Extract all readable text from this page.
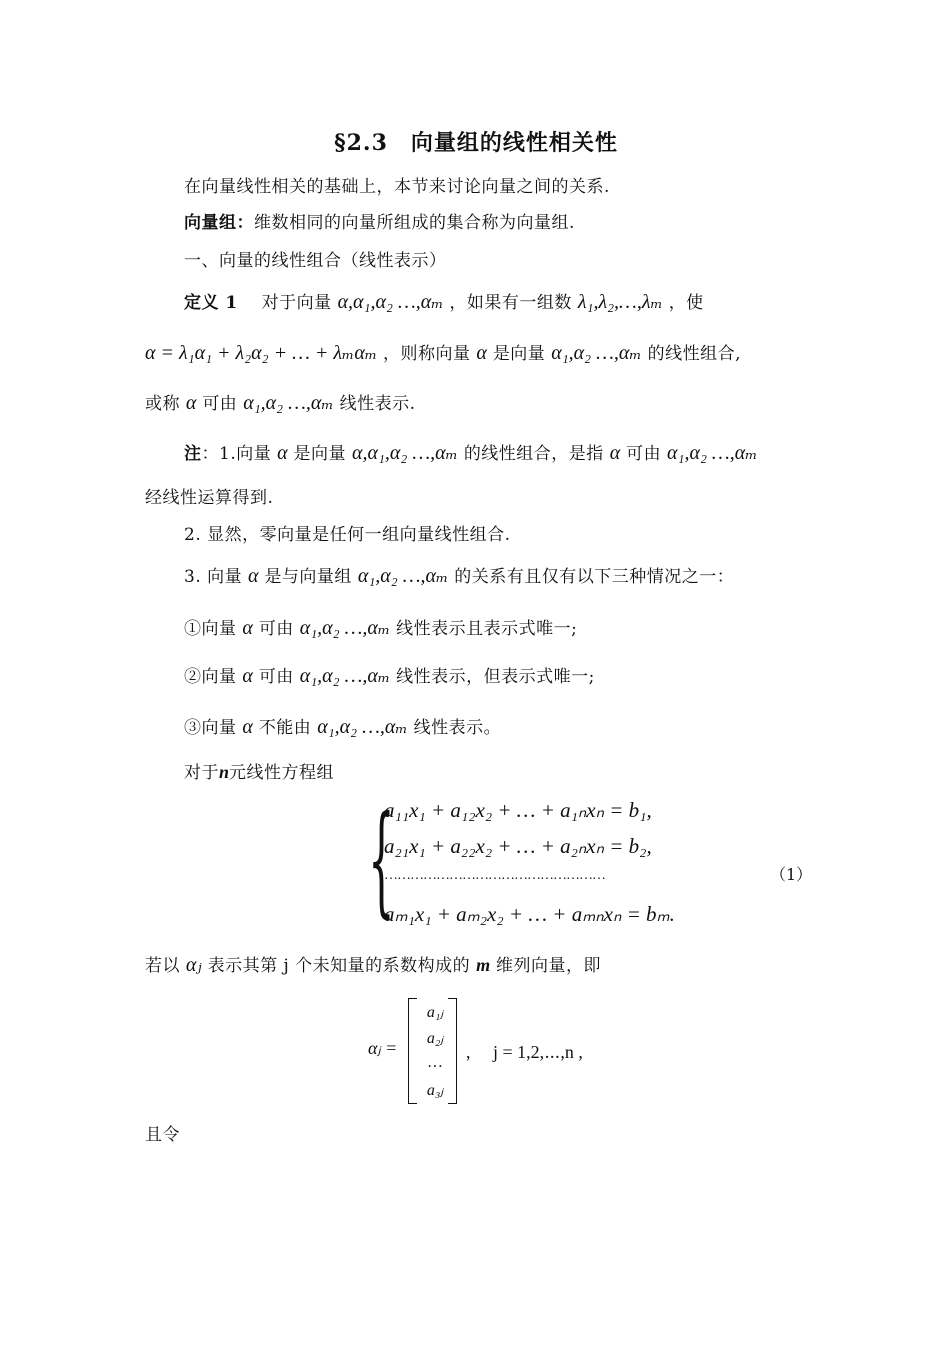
§2.3　向量组的线性相关性
在向量线性相关的基础上，本节来讨论向量之间的关系.
向量组：维数相同的向量所组成的集合称为向量组.
一、向量的线性组合（线性表示）
定义 1 对于向量 α,α₁,α₂ …,αₘ ，如果有一组数 λ₁,λ₂,…,λₘ ，使
α = λ₁α₁ + λ₂α₂ + … + λₘαₘ ，则称向量 α 是向量 α₁,α₂ …,αₘ 的线性组合,
或称 α 可由 α₁,α₂ …,αₘ 线性表示.
注：1.向量 α 是向量 α,α₁,α₂ …,αₘ 的线性组合，是指 α 可由 α₁,α₂ …,αₘ
经线性运算得到.
2. 显然，零向量是任何一组向量线性组合.
3. 向量 α 是与向量组 α₁,α₂ …,αₘ 的关系有且仅有以下三种情况之一：
①向量 α 可由 α₁,α₂ …,αₘ 线性表示且表示式唯一;
②向量 α 可由 α₁,α₂ …,αₘ 线性表示，但表示式唯一;
③向量 α 不能由 α₁,α₂ …,αₘ 线性表示。
对于n元线性方程组
{
a₁₁x₁ + a₁₂x₂ + … + a₁ₙxₙ = b₁,
a₂₁x₁ + a₂₂x₂ + … + a₂ₙxₙ = b₂,
……………………………………………
aₘ₁x₁ + aₘ₂x₂ + … + aₘₙxₙ = bₘ.
（1）
若以 αⱼ 表示其第 j 个未知量的系数构成的 m 维列向量，即
αⱼ =
a₁ⱼ
a₂ⱼ
…
a₃ⱼ
,　 j = 1,2,⋯,n ,
且令
